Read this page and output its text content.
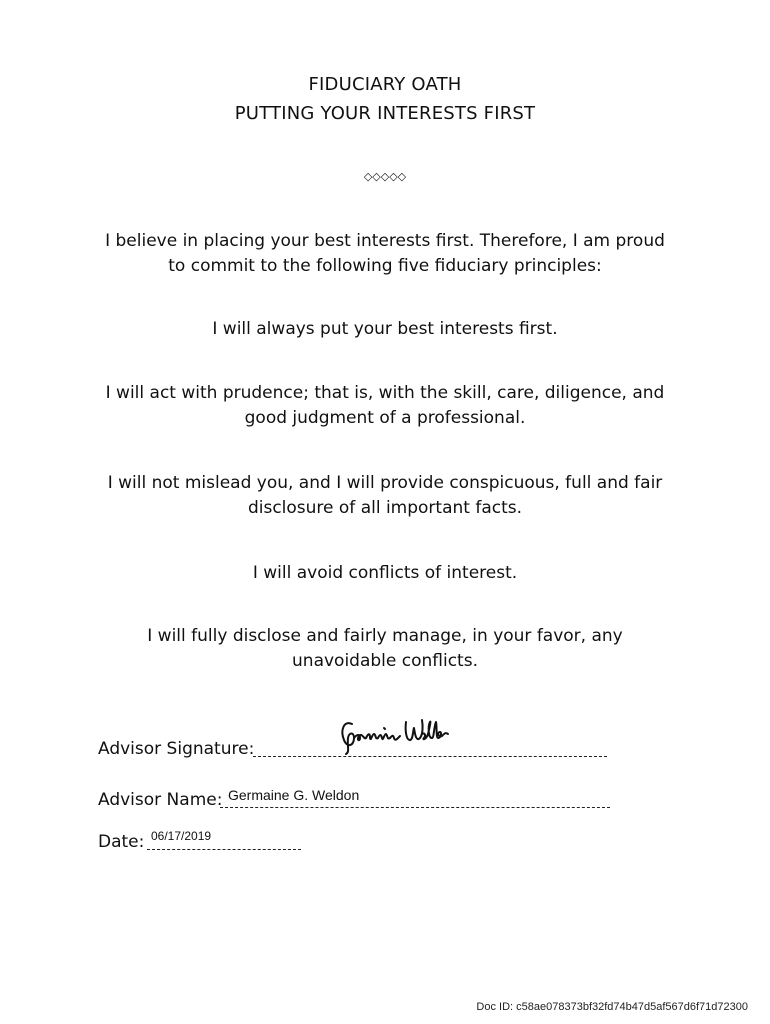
FIDUCIARY OATH
PUTTING YOUR INTERESTS FIRST
◇◇◇◇◇
I believe in placing your best interests first. Therefore, I am proud to commit to the following five fiduciary principles:
I will always put your best interests first.
I will act with prudence; that is, with the skill, care, diligence, and good judgment of a professional.
I will not mislead you, and I will provide conspicuous, full and fair disclosure of all important facts.
I will avoid conflicts of interest.
I will fully disclose and fairly manage, in your favor, any unavoidable conflicts.
Advisor Signature:
Advisor Name: Germaine G. Weldon
Date: 06/17/2019
Doc ID: c58ae078373bf32fd74b47d5af567d6f71d72300
